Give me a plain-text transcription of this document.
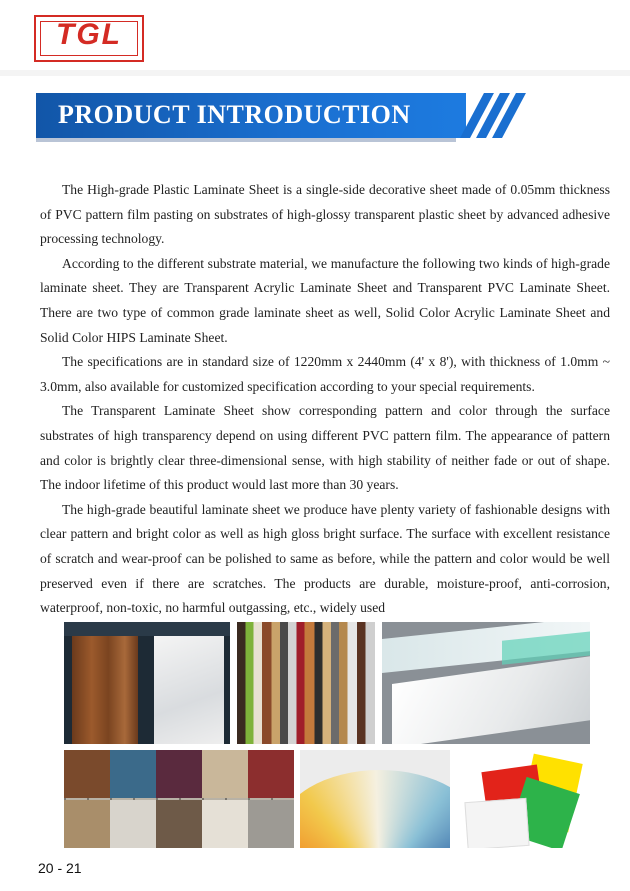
TGL
PRODUCT INTRODUCTION

The High-grade Plastic Laminate Sheet is a single-side decorative sheet made of 0.05mm thickness of PVC pattern film pasting on substrates of high-glossy transparent plastic sheet by advanced adhesive processing technology.

According to the different substrate material, we manufacture the following two kinds of high-grade laminate sheet. They are Transparent Acrylic Laminate Sheet and Transparent PVC Laminate Sheet. There are two type of common grade laminate sheet as well, Solid Color Acrylic Laminate Sheet and Solid Color HIPS Laminate Sheet.

The specifications are in standard size of 1220mm x 2440mm (4' x 8'), with thickness of 1.0mm ~ 3.0mm, also available for customized specification according to your special requirements.

The Transparent Laminate Sheet show corresponding pattern and color through the surface substrates of high transparency depend on using different PVC pattern film. The appearance of pattern and color is brightly clear three-dimensional sense, with high stability of neither fade or out of shape. The indoor lifetime of this product would last more than 30 years.

The high-grade beautiful laminate sheet we produce have plenty variety of fashionable designs with clear pattern and bright color as well as high gloss bright surface. The surface with excellent resistance of scratch and wear-proof can be polished to same as before, while the pattern and color would be well preserved even if there are scratches. The products are durable, moisture-proof, anti-corrosion, waterproof, non-toxic, no harmful outgassing, etc., widely used

20 - 21
